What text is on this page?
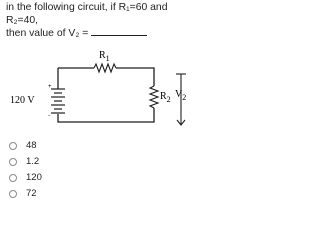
in the following circuit, if R₁=60 and R₂=40,
then value of V₂ =
$R_1$
$R_2$
+
-
120 V
$V_2$
48
1.2
120
72
